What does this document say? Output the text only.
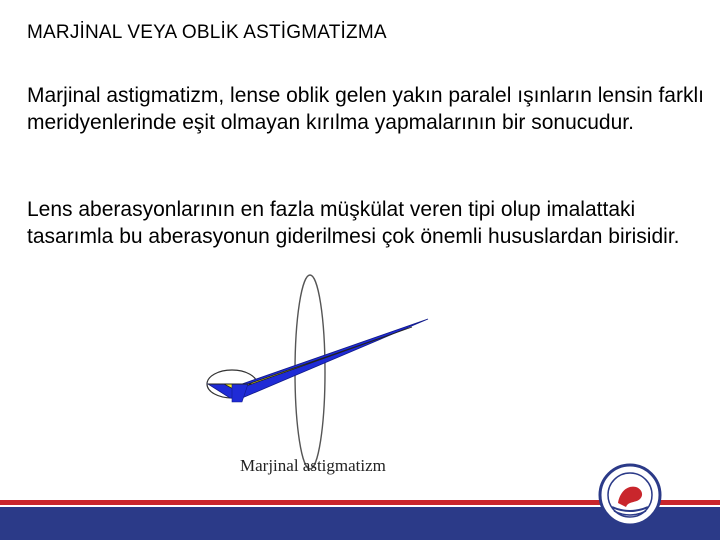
MARJİNAL VEYA OBLİK ASTİGMATİZMA
Marjinal astigmatizm, lense oblik gelen yakın paralel ışınların lensin farklı meridyenlerinde eşit olmayan kırılma yapmalarının bir sonucudur.
Lens aberasyonlarının en fazla müşkülat veren tipi olup imalattaki tasarımla bu aberasyonun giderilmesi çok önemli hususlardan birisidir.
Marjinal astigmatizm
